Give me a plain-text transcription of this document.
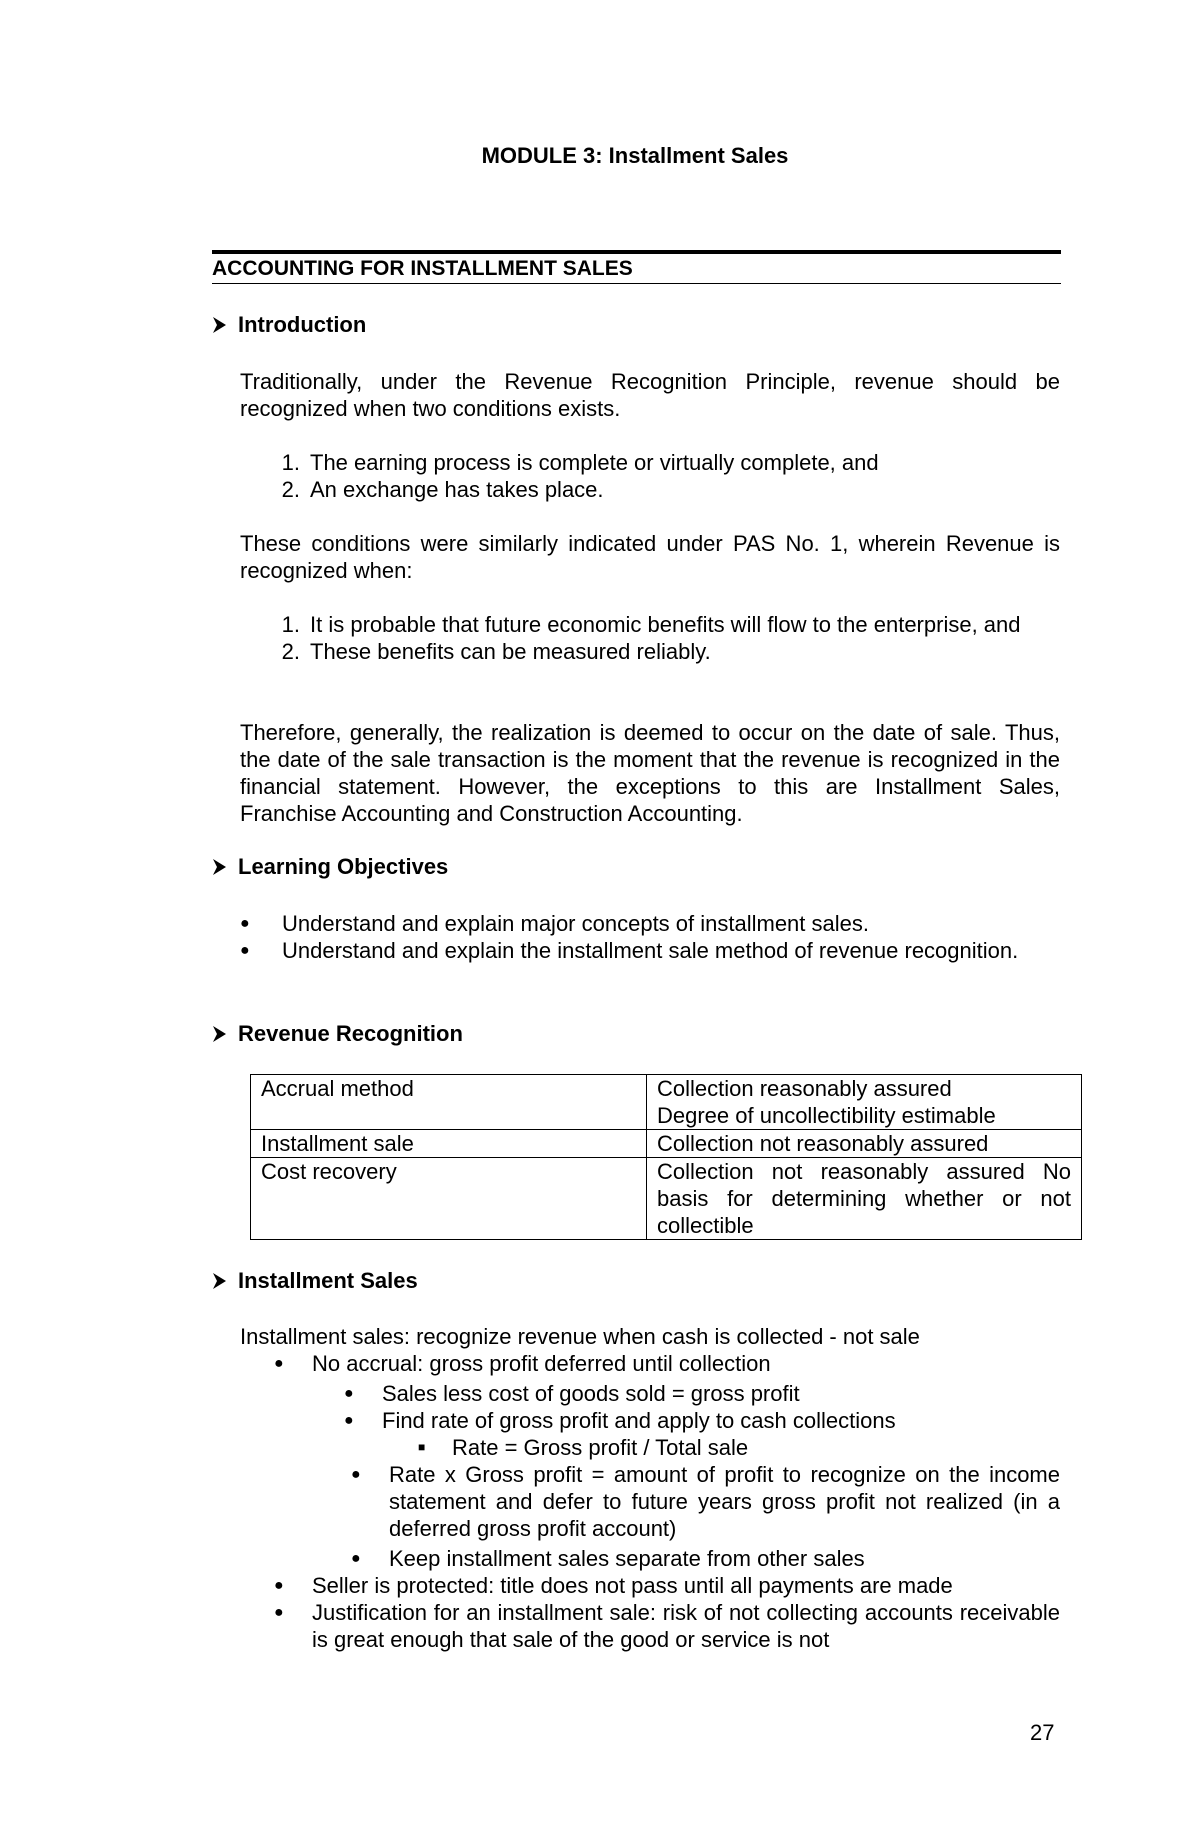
MODULE 3: Installment Sales
ACCOUNTING FOR INSTALLMENT SALES
Introduction
Traditionally, under the Revenue Recognition Principle, revenue should be recognized when two conditions exists.
1. The earning process is complete or virtually complete, and
2. An exchange has takes place.
These conditions were similarly indicated under PAS No. 1, wherein Revenue is recognized when:
1. It is probable that future economic benefits will flow to the enterprise, and
2. These benefits can be measured reliably.
Therefore, generally, the realization is deemed to occur on the date of sale. Thus, the date of the sale transaction is the moment that the revenue is recognized in the financial statement. However, the exceptions to this are Installment Sales, Franchise Accounting and Construction Accounting.
Learning Objectives
●	Understand and explain major concepts of installment sales.
●	Understand and explain the installment sale method of revenue recognition.
Revenue Recognition
Accrual method	Collection reasonably assured
Degree of uncollectibility estimable

Installment sale	Collection not reasonably assured
Cost recovery	Collection not reasonably assured No basis for determining whether or not collectible
Installment Sales
Installment sales: recognize revenue when cash is collected - not sale
●	No accrual: gross profit deferred until collection
●	Sales less cost of goods sold = gross profit
●	Find rate of gross profit and apply to cash collections
■	Rate = Gross profit / Total sale
●	Rate x Gross profit = amount of profit to recognize on the income statement and defer to future years gross profit not realized (in a deferred gross profit account)
●	Keep installment sales separate from other sales
●	Seller is protected: title does not pass until all payments are made
●	Justification for an installment sale: risk of not collecting accounts receivable is great enough that sale of the good or service is not
27
